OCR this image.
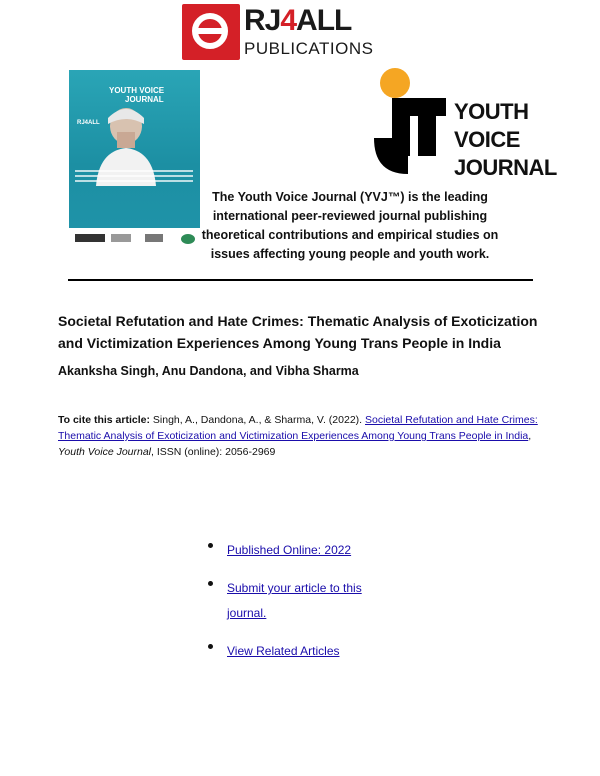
RJ4ALL
PUBLICATIONS
YOUTH VOICE
JOURNAL
RJ4ALL	YOUTH VOICE
JOURNAL
The Youth Voice Journal (YVJ™) is the leading
international peer-reviewed journal publishing
theoretical contributions and empirical studies on
issues affecting young people and youth work.
Societal Refutation and Hate Crimes: Thematic Analysis of Exoticization
and Victimization Experiences Among Young Trans People in India
Akanksha Singh, Anu Dandona, and Vibha Sharma
To cite this article: Singh, A., Dandona, A., & Sharma, V. (2022). Societal Refutation and Hate Crimes:
Thematic Analysis of Exoticization and Victimization Experiences Among Young Trans People in India,
Youth Voice Journal, ISSN (online): 2056-2969
Published Online: 2022
Submit your article to this
journal.
View Related Articles
